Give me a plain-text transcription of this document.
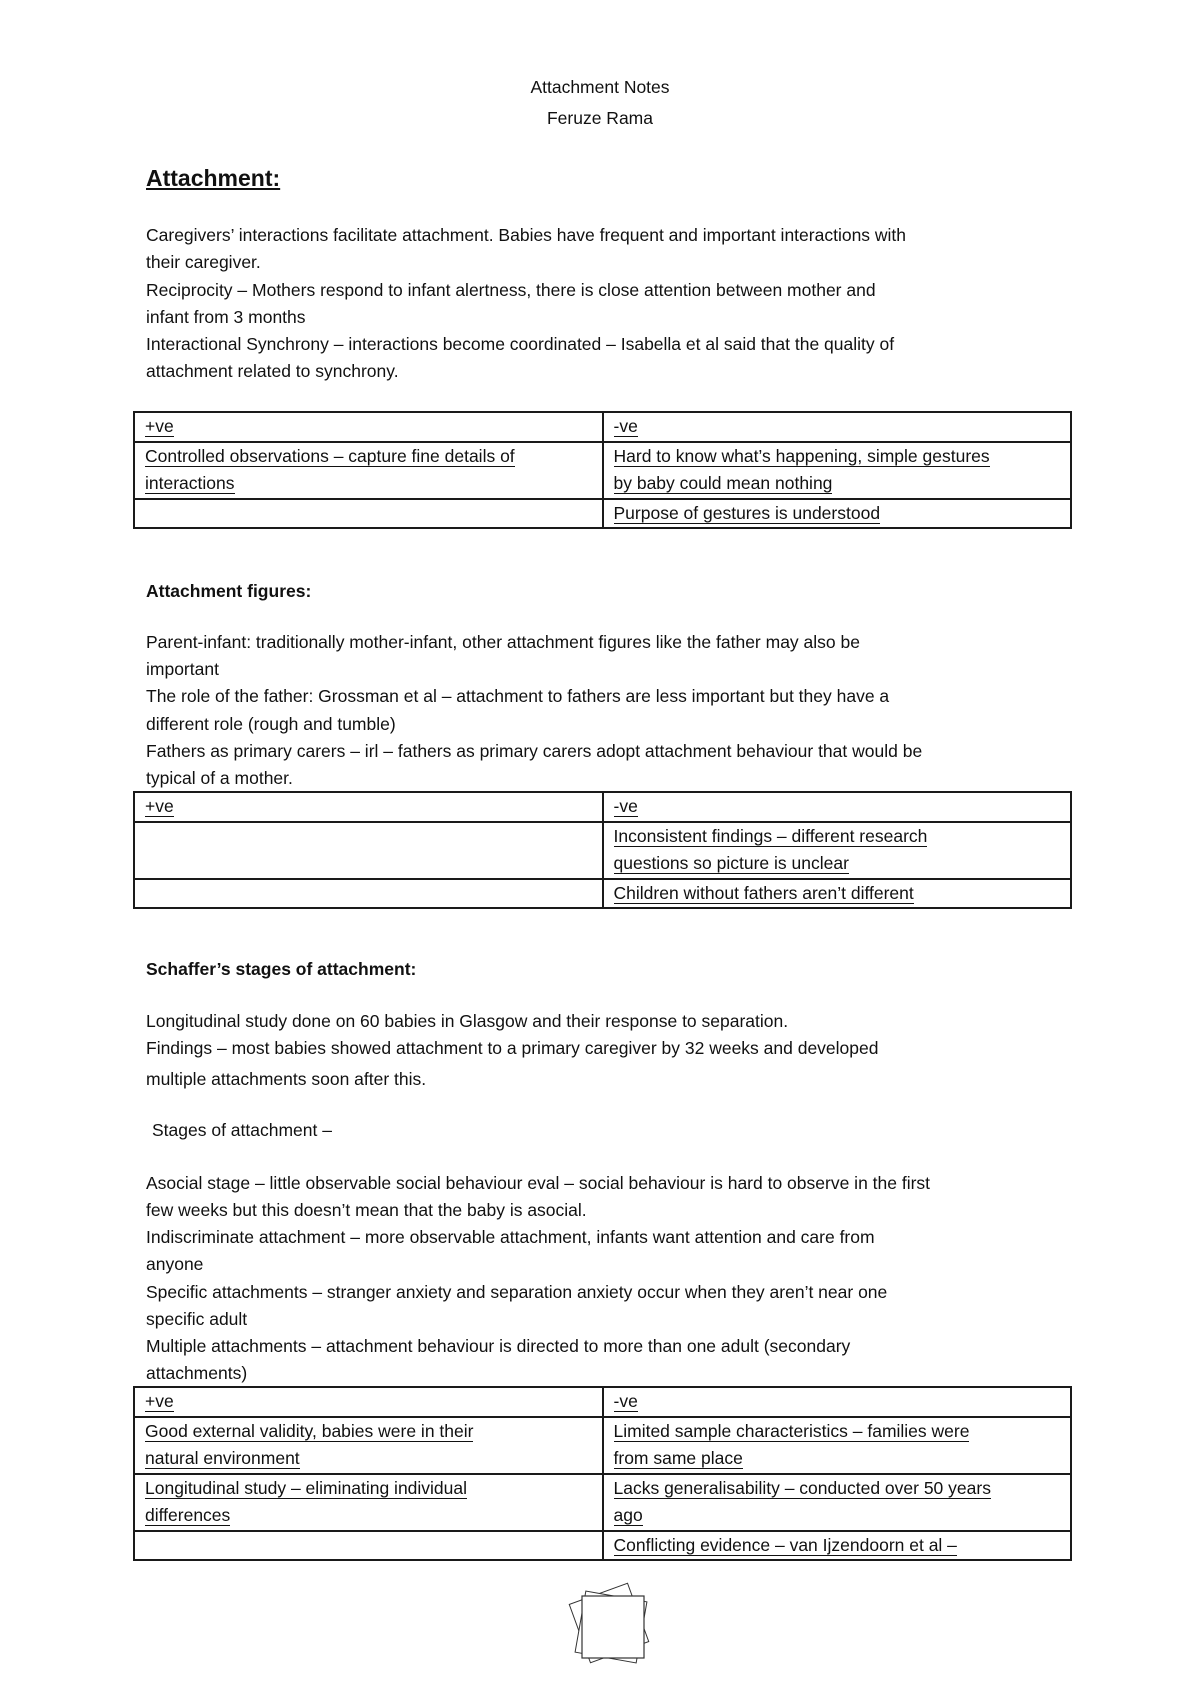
Attachment Notes
Feruze Rama
Attachment:
Caregivers’ interactions facilitate attachment. Babies have frequent and important interactions with
their caregiver.
Reciprocity – Mothers respond to infant alertness, there is close attention between mother and
infant from 3 months
Interactional Synchrony – interactions become coordinated – Isabella et al said that the quality of
attachment related to synchrony.
+ve	-ve
Controlled observations – capture fine details of
interactions	Hard to know what’s happening, simple gestures
by baby could mean nothing
	Purpose of gestures is understood
Attachment figures:
Parent-infant: traditionally mother-infant, other attachment figures like the father may also be
important
The role of the father: Grossman et al – attachment to fathers are less important but they have a
different role (rough and tumble)
Fathers as primary carers – irl – fathers as primary carers adopt attachment behaviour that would be
typical of a mother.
+ve	-ve
	Inconsistent findings – different research
questions so picture is unclear
	Children without fathers aren’t different
Schaffer’s stages of attachment:
Longitudinal study done on 60 babies in Glasgow and their response to separation.
Findings – most babies showed attachment to a primary caregiver by 32 weeks and developed
multiple attachments soon after this.
Stages of attachment –
Asocial stage – little observable social behaviour eval – social behaviour is hard to observe in the first
few weeks but this doesn’t mean that the baby is asocial.
Indiscriminate attachment – more observable attachment, infants want attention and care from
anyone
Specific attachments – stranger anxiety and separation anxiety occur when they aren’t near one
specific adult
Multiple attachments – attachment behaviour is directed to more than one adult (secondary
attachments)
+ve	-ve
Good external validity, babies were in their
natural environment	Limited sample characteristics – families were
from same place
Longitudinal study – eliminating individual
differences	Lacks generalisability – conducted over 50 years
ago
	Conflicting evidence – van Ijzendoorn et al –
